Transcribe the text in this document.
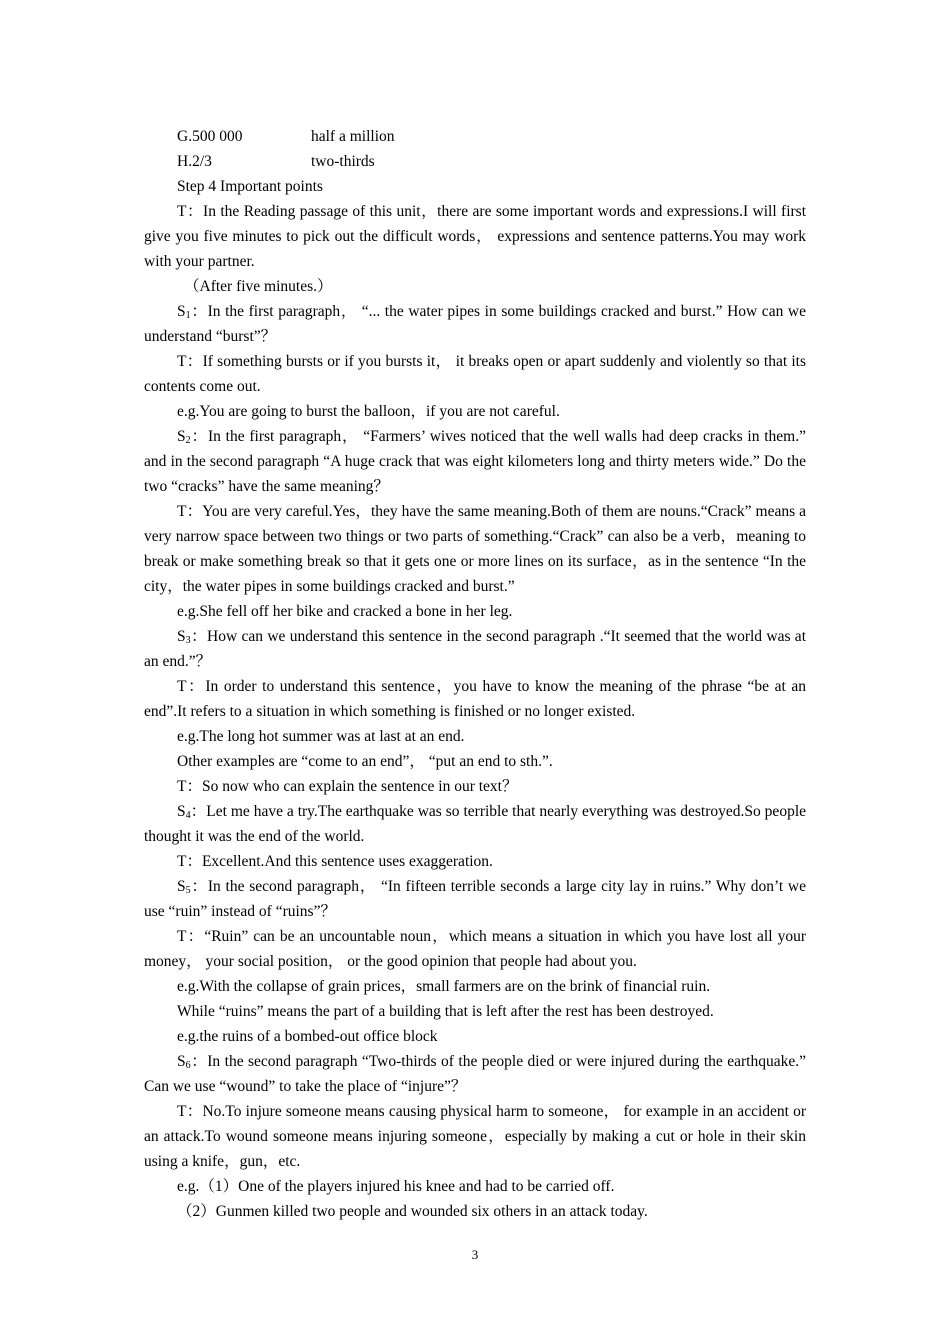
G.500 000	half a million
H.2/3	two-thirds
Step 4 Important points

T：In the Reading passage of this unit，there are some important words and expressions.I will first give you five minutes to pick out the difficult words， expressions and sentence patterns.You may work with your partner.

（After five minutes.）

$S_1$：In the first paragraph， “... the water pipes in some buildings cracked and burst.” How can we understand “burst”？

T：If something bursts or if you bursts it， it breaks open or apart suddenly and violently so that its contents come out.

e.g.You are going to burst the balloon，if you are not careful.

$S_2$：In the first paragraph， “Farmers’ wives noticed that the well walls had deep cracks in them.” and in the second paragraph “A huge crack that was eight kilometers long and thirty meters wide.” Do the two “cracks” have the same meaning？

T：You are very careful.Yes，they have the same meaning.Both of them are nouns.“Crack” means a very narrow space between two things or two parts of something.“Crack” can also be a verb，meaning to break or make something break so that it gets one or more lines on its surface，as in the sentence “In the city，the water pipes in some buildings cracked and burst.”

e.g.She fell off her bike and cracked a bone in her leg.

$S_3$：How can we understand this sentence in the second paragraph .“It seemed that the world was at an end.”？

T：In order to understand this sentence，you have to know the meaning of the phrase “be at an end”.It refers to a situation in which something is finished or no longer existed.

e.g.The long hot summer was at last at an end.
Other examples are “come to an end”， “put an end to sth.”.
T：So now who can explain the sentence in our text？

$S_4$：Let me have a try.The earthquake was so terrible that nearly everything was destroyed.So people thought it was the end of the world.

T：Excellent.And this sentence uses exaggeration.

$S_5$：In the second paragraph， “In fifteen terrible seconds a large city lay in ruins.” Why don’t we use “ruin” instead of “ruins”？

T：“Ruin” can be an uncountable noun，which means a situation in which you have lost all your money， your social position， or the good opinion that people had about you.

e.g.With the collapse of grain prices，small farmers are on the brink of financial ruin.
While “ruins” means the part of a building that is left after the rest has been destroyed.
e.g.the ruins of a bombed-out office block

$S_6$：In the second paragraph “Two-thirds of the people died or were injured during the earthquake.” Can we use “wound” to take the place of “injure”？

T：No.To injure someone means causing physical harm to someone， for example in an accident or an attack.To wound someone means injuring someone，especially by making a cut or hole in their skin using a knife，gun，etc.

e.g.（1）One of the players injured his knee and had to be carried off.
（2）Gunmen killed two people and wounded six others in an attack today.
3
